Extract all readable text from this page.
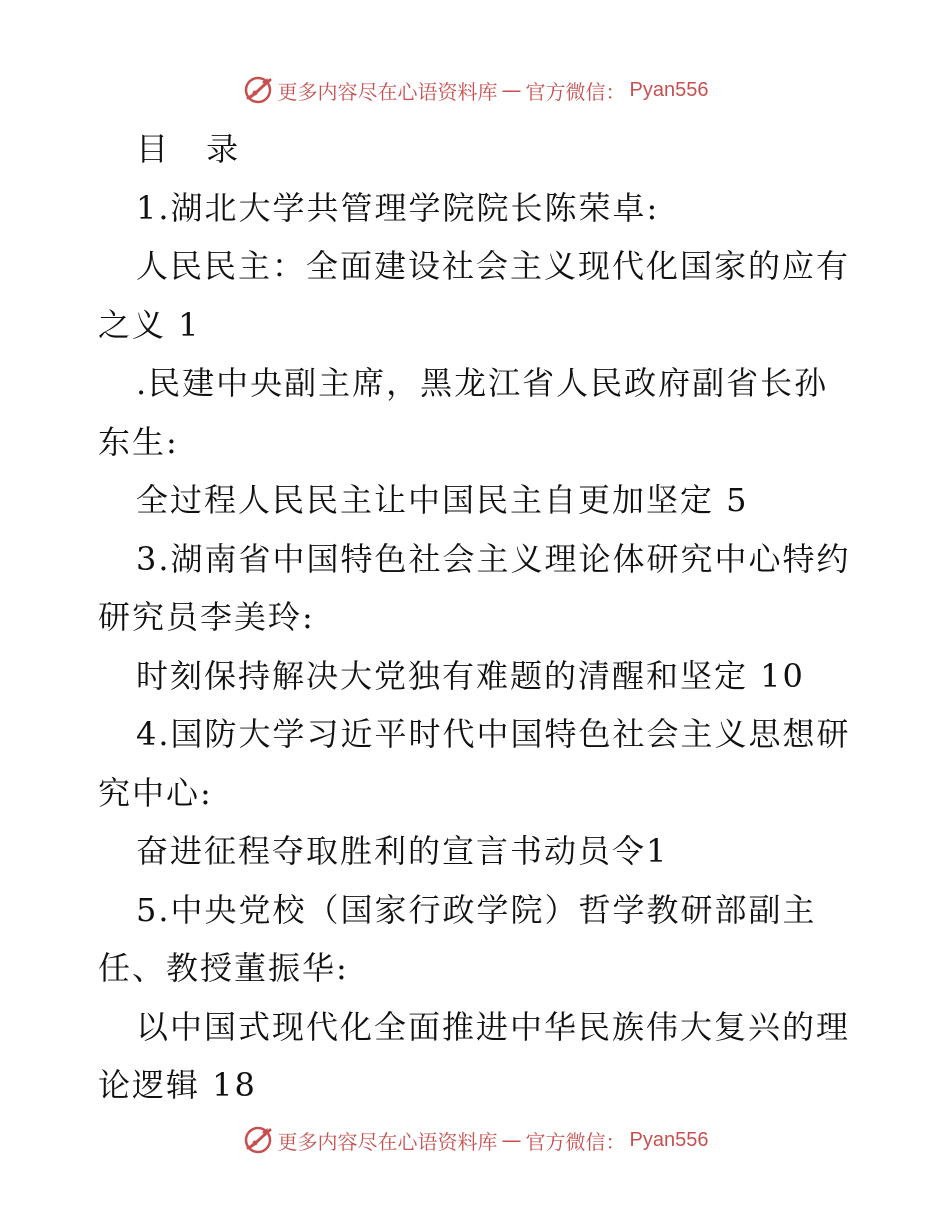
更多内容尽在心语资料库 — 官方微信： Pyan556
目 录
1.湖北大学共管理学院院长陈荣卓:
人民民主：全面建设社会主义现代化国家的应有
之义 1
.民建中央副主席，黑龙江省人民政府副省长孙
东生:
全过程人民民主让中国民主自更加坚定 5
3.湖南省中国特色社会主义理论体研究中心特约
研究员李美玲:
时刻保持解决大党独有难题的清醒和坚定 10
4.国防大学习近平时代中国特色社会主义思想研
究中心:
奋进征程夺取胜利的宣言书动员令1
5.中央党校（国家行政学院）哲学教研部副主
任、教授董振华:
以中国式现代化全面推进中华民族伟大复兴的理
论逻辑 18
更多内容尽在心语资料库 — 官方微信： Pyan556
